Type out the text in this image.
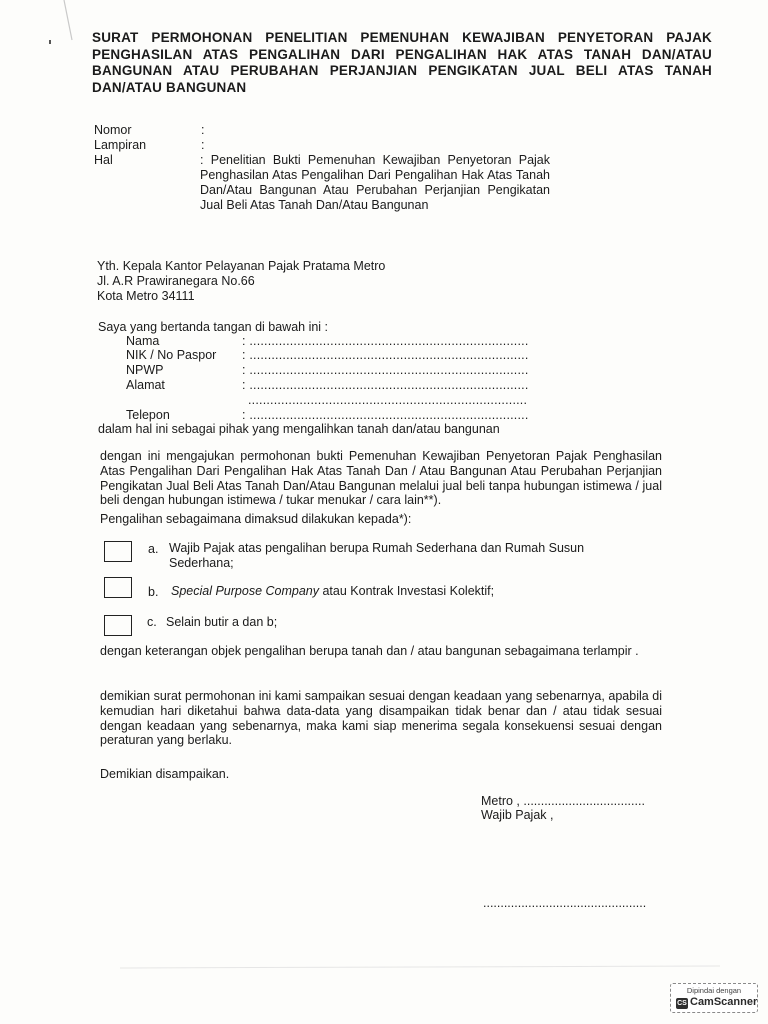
SURAT PERMOHONAN PENELITIAN PEMENUHAN KEWAJIBAN PENYETORAN PAJAK PENGHASILAN ATAS PENGALIHAN DARI PENGALIHAN HAK ATAS TANAH DAN/ATAU BANGUNAN ATAU PERUBAHAN PERJANJIAN PENGIKATAN JUAL BELI ATAS TANAH DAN/ATAU BANGUNAN
Nomor	:
Lampiran	:
Hal	: Penelitian Bukti Pemenuhan Kewajiban Penyetoran Pajak Penghasilan Atas Pengalihan Dari Pengalihan Hak Atas Tanah Dan/Atau Bangunan Atau Perubahan Perjanjian Pengikatan Jual Beli Atas Tanah Dan/Atau Bangunan
Yth. Kepala Kantor Pelayanan Pajak Pratama Metro
Jl. A.R Prawiranegara No.66
Kota Metro 34111
Saya yang bertanda tangan di bawah ini :
Nama	: ............................................................................
NIK / No Paspor : ............................................................................
NPWP	: ............................................................................
Alamat	: ............................................................................
............................................................................
Telepon	: ............................................................................
dalam hal ini sebagai pihak yang mengalihkan tanah dan/atau bangunan
dengan ini mengajukan permohonan bukti Pemenuhan Kewajiban Penyetoran Pajak Penghasilan Atas Pengalihan Dari Pengalihan Hak Atas Tanah Dan / Atau Bangunan Atau Perubahan Perjanjian Pengikatan Jual Beli Atas Tanah Dan/Atau Bangunan melalui jual beli tanpa hubungan istimewa / jual beli dengan hubungan istimewa / tukar menukar / cara lain**).
Pengalihan sebagaimana dimaksud dilakukan kepada*):
a. Wajib Pajak atas pengalihan berupa Rumah Sederhana dan Rumah Susun Sederhana;
b. Special Purpose Company atau Kontrak Investasi Kolektif;
c. Selain butir a dan b;
dengan keterangan objek pengalihan berupa tanah dan / atau bangunan sebagaimana terlampir .
demikian surat permohonan ini kami sampaikan sesuai dengan keadaan yang sebenarnya, apabila di kemudian hari diketahui bahwa data-data yang disampaikan tidak benar dan / atau tidak sesuai dengan keadaan yang sebenarnya, maka kami siap menerima segala konsekuensi sesuai dengan peraturan yang berlaku.
Demikian disampaikan.
Metro , ...................................
Wajib Pajak ,
...............................................
Dipindai dengan
CS CamScanner
